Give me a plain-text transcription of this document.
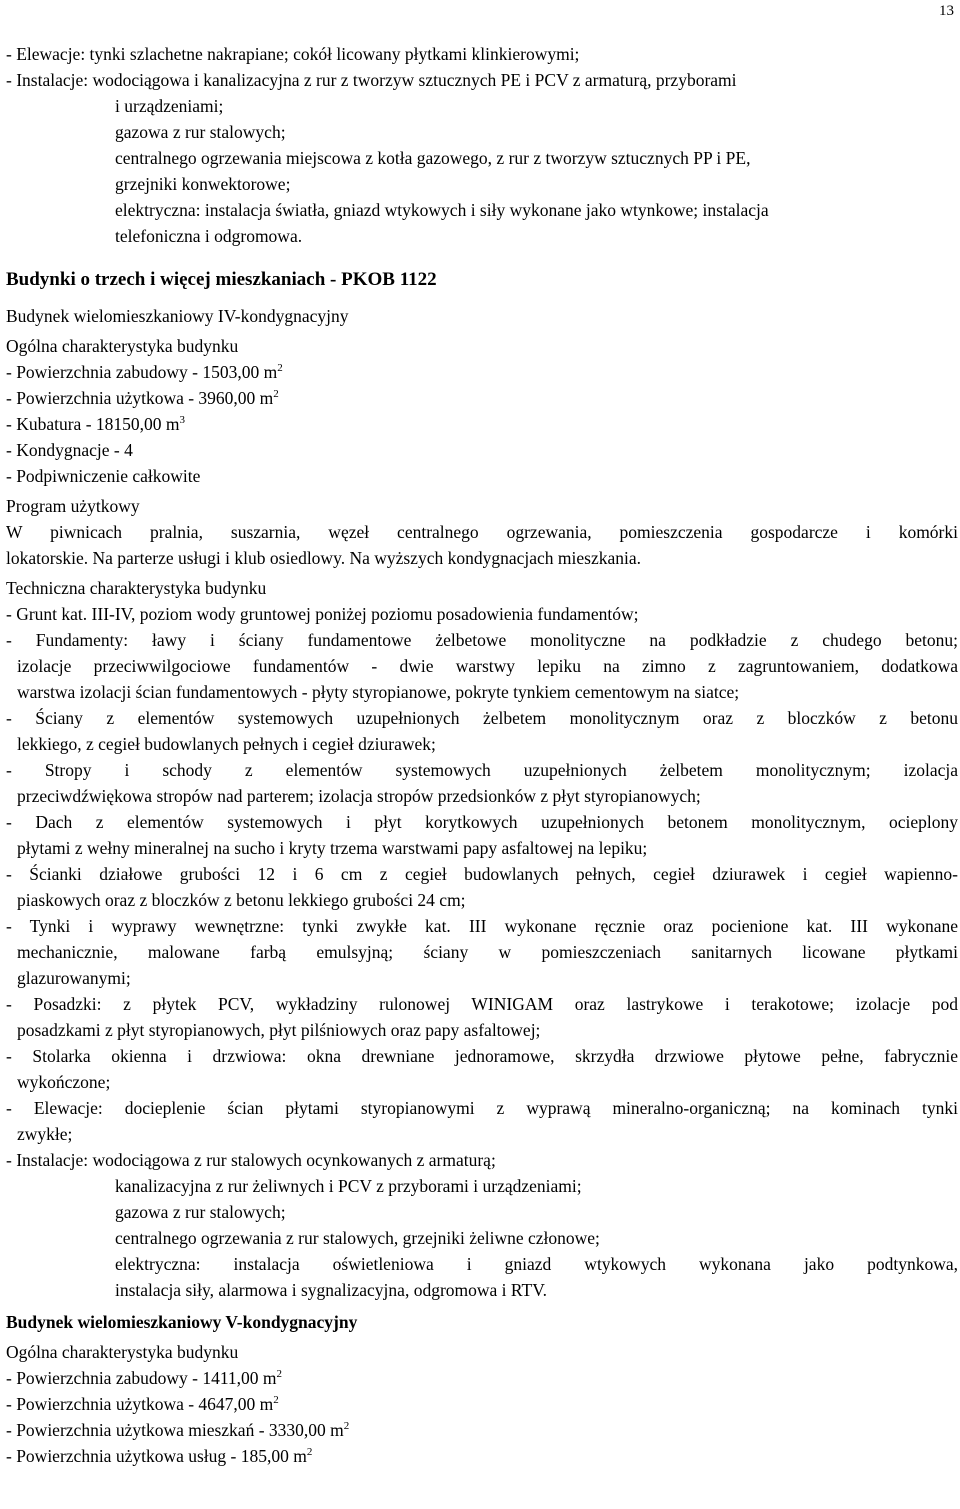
13

- Elewacje: tynki szlachetne nakrapiane; cokół licowany płytkami klinkierowymi;

- Instalacje: wodociągowa i kanalizacyjna z rur z tworzyw sztucznych PE i PCV z armaturą, przyborami

i urządzeniami;

gazowa z rur stalowych;

centralnego ogrzewania miejscowa z kotła gazowego, z rur z tworzyw sztucznych PP i PE,

grzejniki konwektorowe;

elektryczna: instalacja światła, gniazd wtykowych i siły wykonane jako wtynkowe; instalacja

telefoniczna i odgromowa.

Budynki o trzech i więcej mieszkaniach - PKOB 1122

Budynek wielomieszkaniowy IV-kondygnacyjny

Ogólna charakterystyka budynku

- Powierzchnia zabudowy - 1503,00 $m^2$

- Powierzchnia użytkowa - 3960,00 $m^2$

- Kubatura - 18150,00 $m^3$

- Kondygnacje - 4

- Podpiwniczenie całkowite

Program użytkowy

W piwnicach pralnia, suszarnia, węzeł centralnego ogrzewania, pomieszczenia gospodarcze i komórki

lokatorskie. Na parterze usługi i klub osiedlowy. Na wyższych kondygnacjach mieszkania.

Techniczna charakterystyka budynku

- Grunt kat. III-IV, poziom wody gruntowej poniżej poziomu posadowienia fundamentów;

- Fundamenty: ławy i ściany fundamentowe żelbetowe monolityczne na podkładzie z chudego betonu;

izolacje przeciwwilgociowe fundamentów - dwie warstwy lepiku na zimno z zagruntowaniem, dodatkowa

warstwa izolacji ścian fundamentowych - płyty styropianowe, pokryte tynkiem cementowym na siatce;

- Ściany z elementów systemowych uzupełnionych żelbetem monolitycznym oraz z bloczków z betonu

lekkiego, z cegieł budowlanych pełnych i cegieł dziurawek;

- Stropy i schody z elementów systemowych uzupełnionych żelbetem monolitycznym; izolacja

przeciwdźwiękowa stropów nad parterem; izolacja stropów przedsionków z płyt styropianowych;

- Dach z elementów systemowych i płyt korytkowych uzupełnionych betonem monolitycznym, ocieplony

płytami z wełny mineralnej na sucho i kryty trzema warstwami papy asfaltowej na lepiku;

- Ścianki działowe grubości 12 i 6 cm z cegieł budowlanych pełnych, cegieł dziurawek i cegieł wapienno-

piaskowych oraz z bloczków z betonu lekkiego grubości 24 cm;

- Tynki i wyprawy wewnętrzne: tynki zwykłe kat. III wykonane ręcznie oraz pocienione kat. III wykonane

mechanicznie, malowane farbą emulsyjną; ściany w pomieszczeniach sanitarnych licowane płytkami

glazurowanymi;

- Posadzki: z płytek PCV, wykładziny rulonowej WINIGAM oraz lastrykowe i terakotowe; izolacje pod

posadzkami z płyt styropianowych, płyt pilśniowych oraz papy asfaltowej;

- Stolarka okienna i drzwiowa: okna drewniane jednoramowe, skrzydła drzwiowe płytowe pełne, fabrycznie

wykończone;

- Elewacje: docieplenie ścian płytami styropianowymi z wyprawą mineralno-organiczną; na kominach tynki

zwykłe;

- Instalacje: wodociągowa z rur stalowych ocynkowanych z armaturą;

kanalizacyjna z rur żeliwnych i PCV z przyborami i urządzeniami;

gazowa z rur stalowych;

centralnego ogrzewania z rur stalowych, grzejniki żeliwne członowe;

elektryczna: instalacja oświetleniowa i gniazd wtykowych wykonana jako podtynkowa,

instalacja siły, alarmowa i sygnalizacyjna, odgromowa i RTV.

Budynek wielomieszkaniowy V-kondygnacyjny

Ogólna charakterystyka budynku

- Powierzchnia zabudowy - 1411,00 $m^2$

- Powierzchnia użytkowa - 4647,00 $m^2$

- Powierzchnia użytkowa mieszkań - 3330,00 $m^2$

- Powierzchnia użytkowa usług - 185,00 $m^2$
